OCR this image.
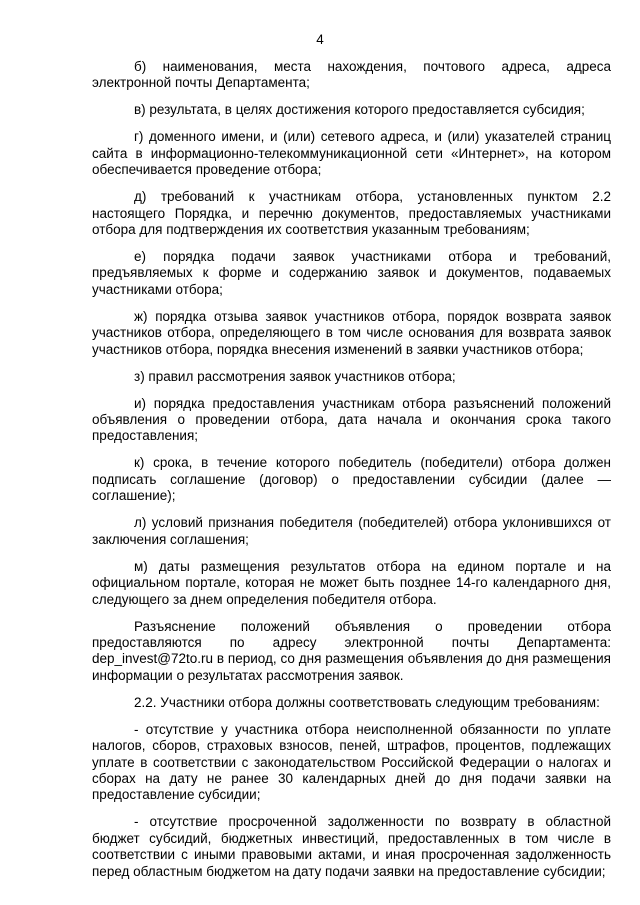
4

б) наименования, места нахождения, почтового адреса, адреса электронной почты Департамента;

в) результата, в целях достижения которого предоставляется субсидия;

г) доменного имени, и (или) сетевого адреса, и (или) указателей страниц сайта в информационно-телекоммуникационной сети «Интернет», на котором обеспечивается проведение отбора;

д) требований к участникам отбора, установленных пунктом 2.2 настоящего Порядка, и перечню документов, предоставляемых участниками отбора для подтверждения их соответствия указанным требованиям;

е) порядка подачи заявок участниками отбора и требований, предъявляемых к форме и содержанию заявок и документов, подаваемых участниками отбора;

ж) порядка отзыва заявок участников отбора, порядок возврата заявок участников отбора, определяющего в том числе основания для возврата заявок участников отбора, порядка внесения изменений в заявки участников отбора;

з) правил рассмотрения заявок участников отбора;

и) порядка предоставления участникам отбора разъяснений положений объявления о проведении отбора, дата начала и окончания срока такого предоставления;

к) срока, в течение которого победитель (победители) отбора должен подписать соглашение (договор) о предоставлении субсидии (далее — соглашение);

л) условий признания победителя (победителей) отбора уклонившихся от заключения соглашения;

м) даты размещения результатов отбора на едином портале и на официальном портале, которая не может быть позднее 14-го календарного дня, следующего за днем определения победителя отбора.

Разъяснение положений объявления о проведении отбора предоставляются по адресу электронной почты Департамента: dep_invest@72to.ru в период, со дня размещения объявления до дня размещения информации о результатах рассмотрения заявок.

2.2. Участники отбора должны соответствовать следующим требованиям:

- отсутствие у участника отбора неисполненной обязанности по уплате налогов, сборов, страховых взносов, пеней, штрафов, процентов, подлежащих уплате в соответствии с законодательством Российской Федерации о налогах и сборах на дату не ранее 30 календарных дней до дня подачи заявки на предоставление субсидии;

- отсутствие просроченной задолженности по возврату в областной бюджет субсидий, бюджетных инвестиций, предоставленных в том числе в соответствии с иными правовыми актами, и иная просроченная задолженность перед областным бюджетом на дату подачи заявки на предоставление субсидии;
